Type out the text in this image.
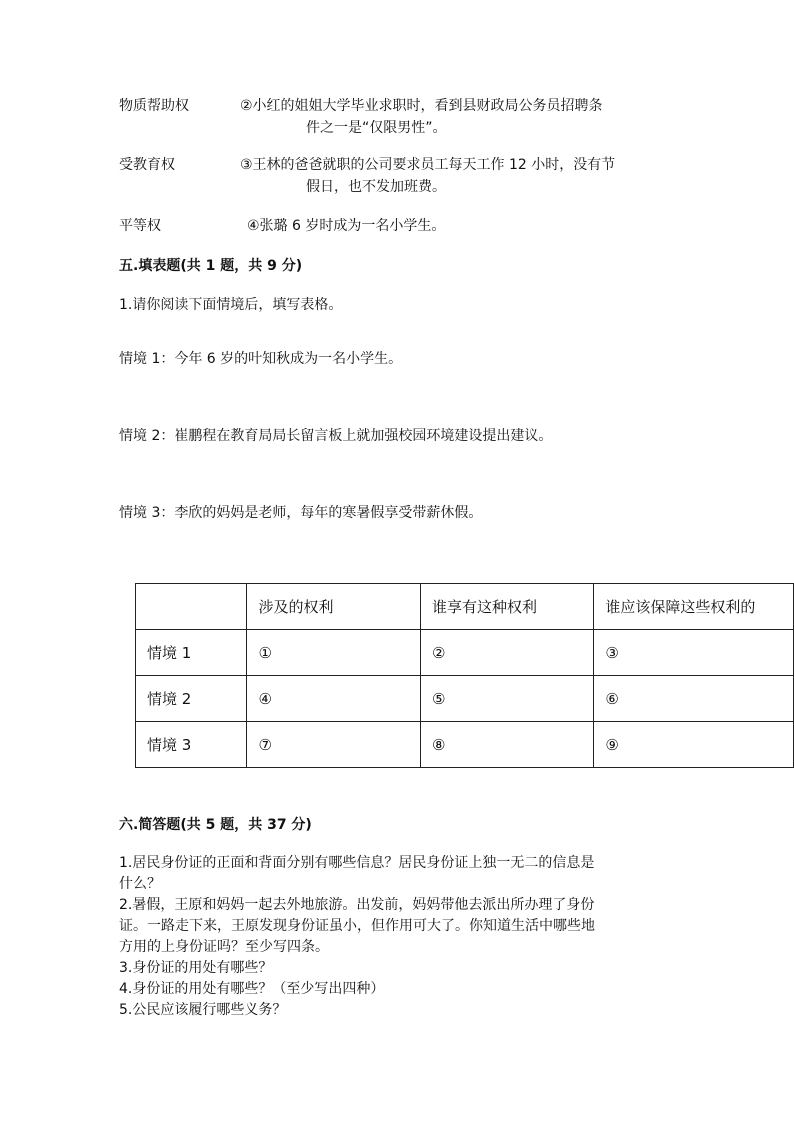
物质帮助权	②小红的姐姐大学毕业求职时，看到县财政局公务员招聘条
件之一是“仅限男性”。
受教育权	③王林的爸爸就职的公司要求员工每天工作 12 小时，没有节
假日，也不发加班费。
平等权	④张璐 6 岁时成为一名小学生。
五.填表题(共 1 题，共 9 分)
1.请你阅读下面情境后，填写表格。
情境 1：今年 6 岁的叶知秋成为一名小学生。
情境 2：崔鹏程在教育局局长留言板上就加强校园环境建设提出建议。
情境 3：李欣的妈妈是老师，每年的寒暑假享受带薪休假。
	涉及的权利	谁享有这种权利	谁应该保障这些权利的
情境 1	①	②	③
情境 2	④	⑤	⑥
情境 3	⑦	⑧	⑨
六.简答题(共 5 题，共 37 分)
1.居民身份证的正面和背面分别有哪些信息？居民身份证上独一无二的信息是
什么？
2.暑假，王原和妈妈一起去外地旅游。出发前，妈妈带他去派出所办理了身份
证。一路走下来，王原发现身份证虽小，但作用可大了。你知道生活中哪些地
方用的上身份证吗？至少写四条。
3.身份证的用处有哪些？
4.身份证的用处有哪些？（至少写出四种）
5.公民应该履行哪些义务？
